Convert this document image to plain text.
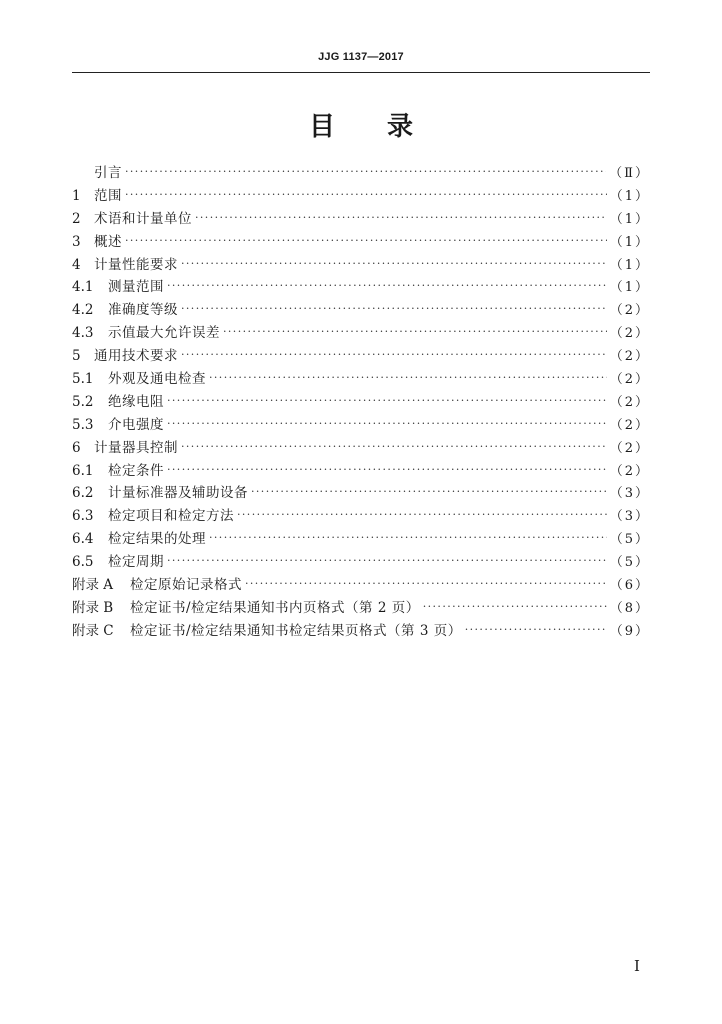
JJG 1137—2017
目录
引言 ·····	（Ⅱ）
1 范围 ·····	（1）
2 术语和计量单位 ·····	（1）
3 概述 ·····	（1）
4 计量性能要求 ·····	（1）
4.1	测量范围 ·····	（1）
4.2	准确度等级 ·····	（2）
4.3	示值最大允许误差 ·····	（2）
5 通用技术要求 ·····	（2）
5.1	外观及通电检查 ·····	（2）
5.2	绝缘电阻 ·····	（2）
5.3	介电强度 ·····	（2）
6 计量器具控制 ·····	（2）
6.1	检定条件 ·····	（2）
6.2	计量标准器及辅助设备 ·····	（3）
6.3	检定项目和检定方法 ·····	（3）
6.4	检定结果的处理 ·····	（5）
6.5	检定周期 ·····	（5）
附录 A	检定原始记录格式 ·····	（6）
附录 B	检定证书/检定结果通知书内页格式（第 2 页） ·····	（8）
附录 C	检定证书/检定结果通知书检定结果页格式（第 3 页） ·····	（9）
I
